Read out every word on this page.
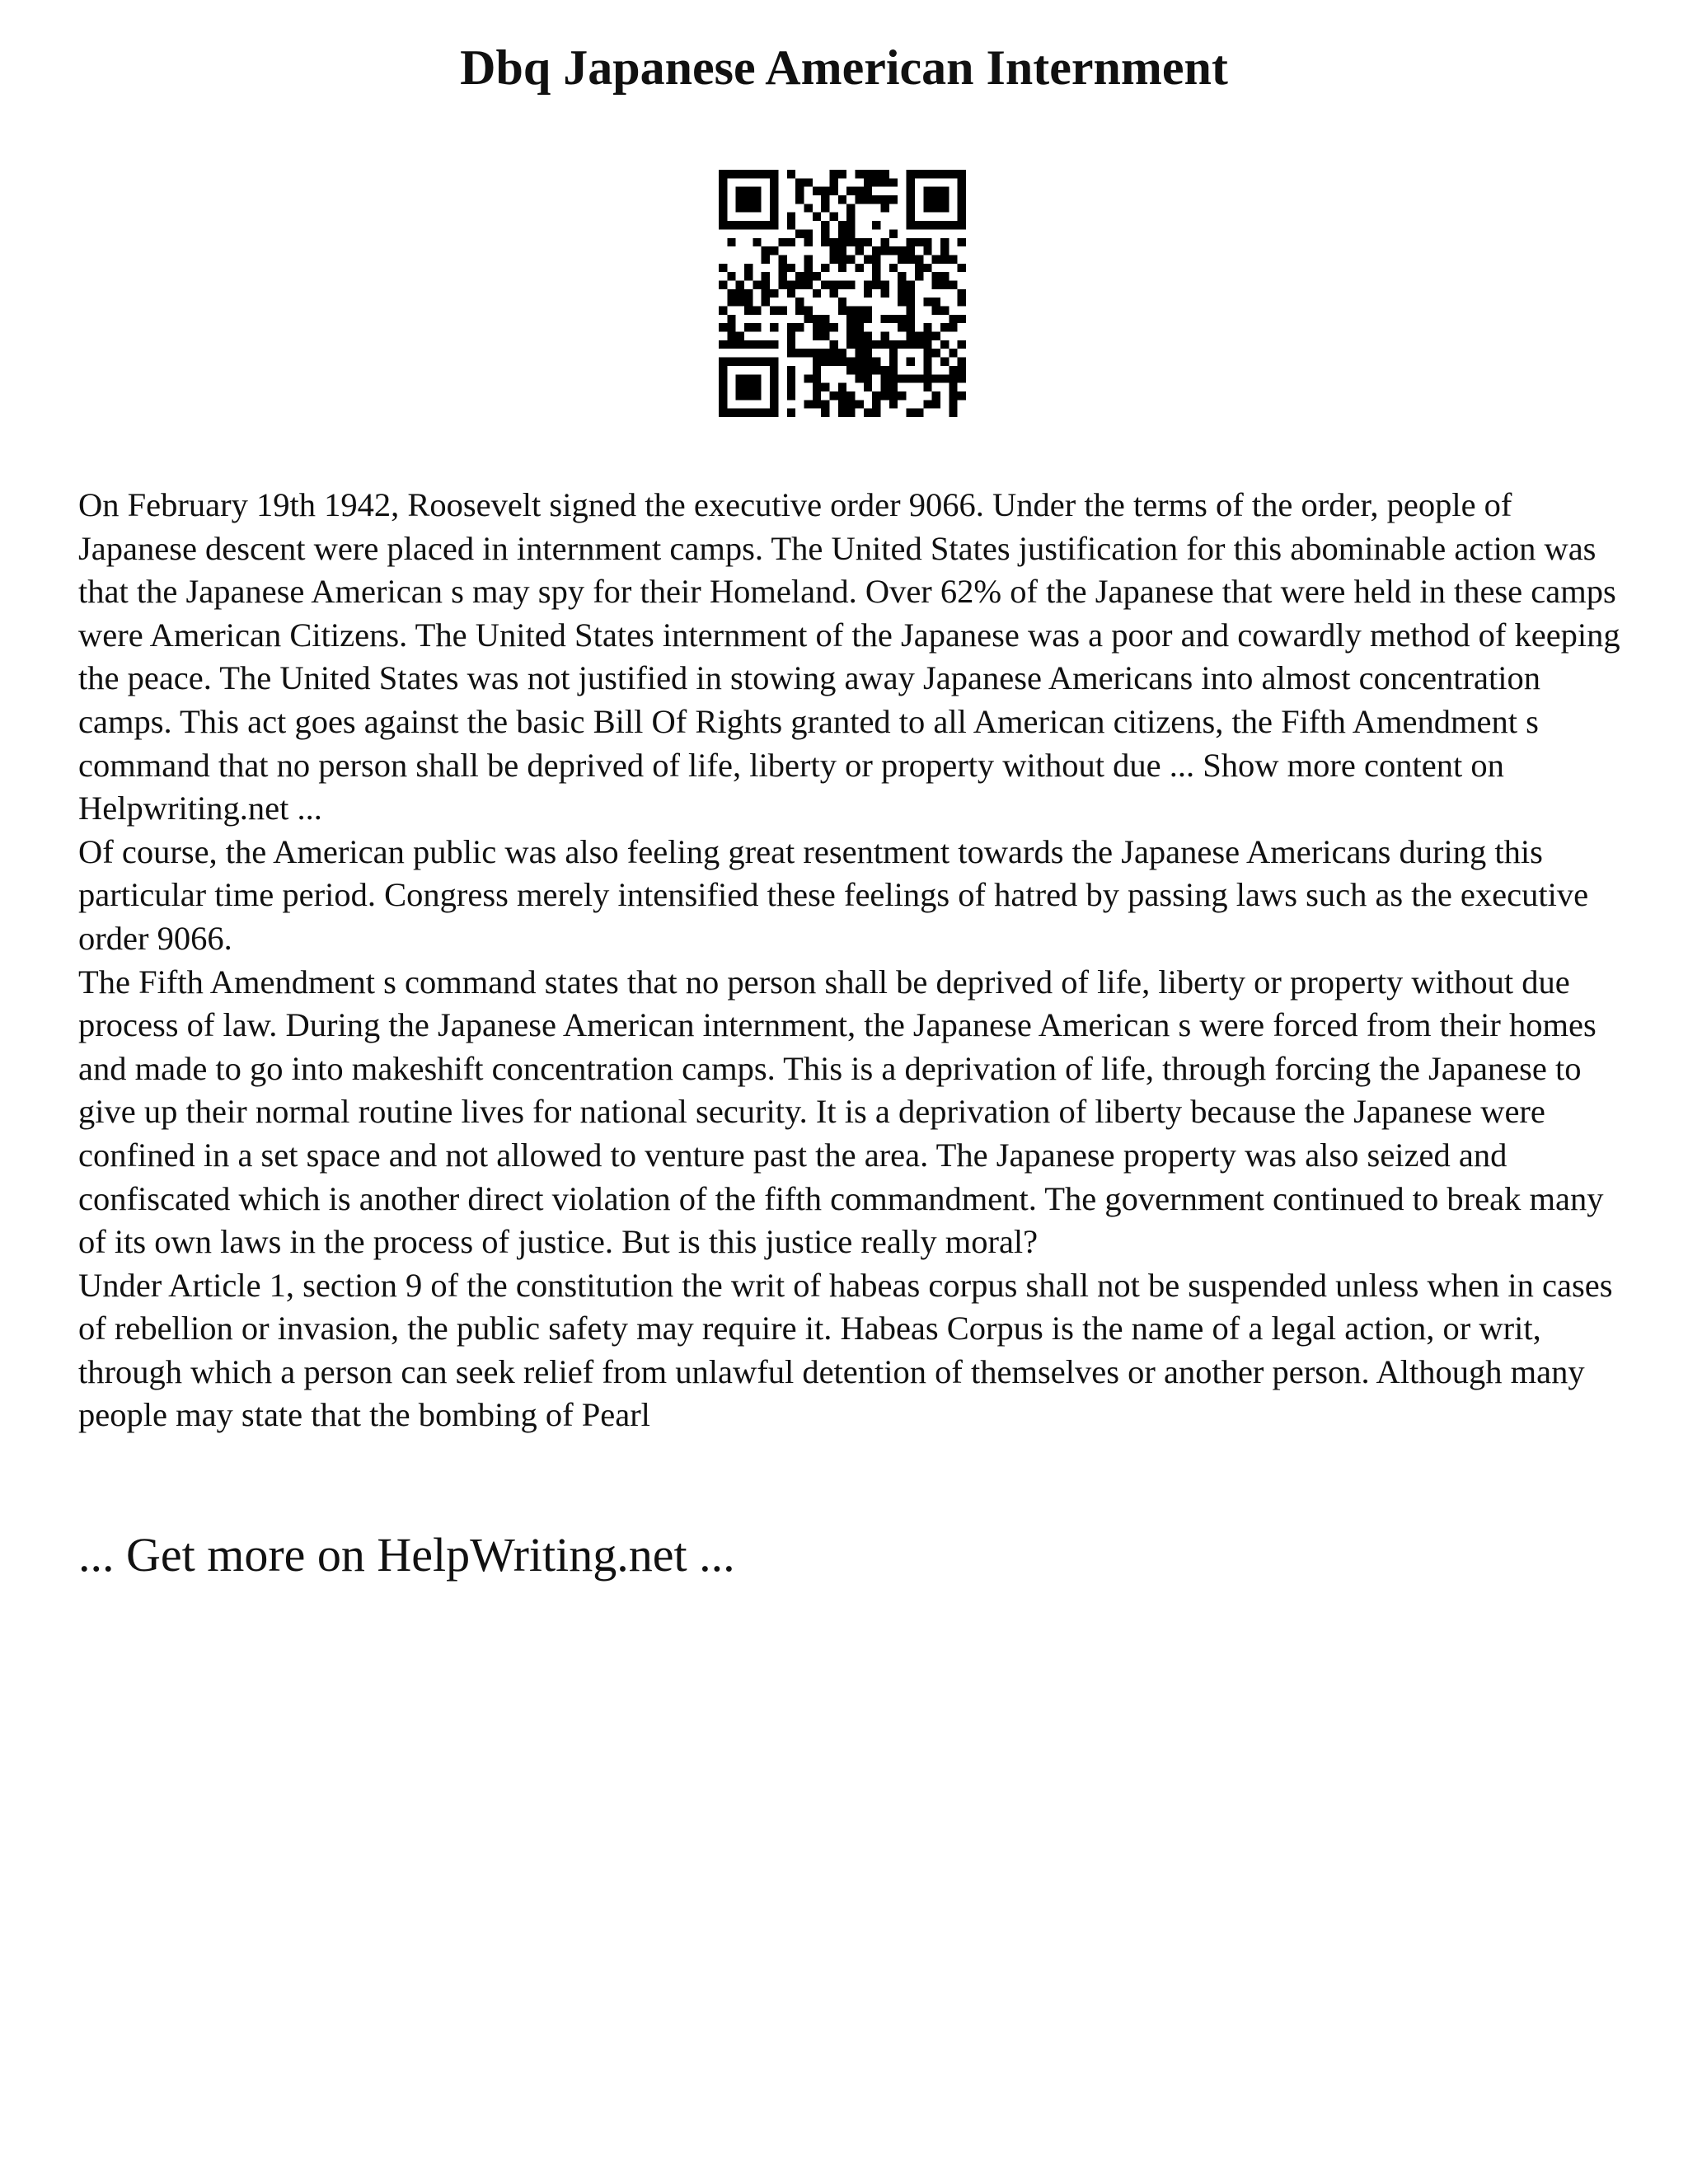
Dbq Japanese American Internment

On February 19th 1942, Roosevelt signed the executive order 9066. Under the terms of the order, people of Japanese descent were placed in internment camps. The United States justification for this abominable action was that the Japanese American s may spy for their Homeland. Over 62% of the Japanese that were held in these camps were American Citizens. The United States internment of the Japanese was a poor and cowardly method of keeping the peace. The United States was not justified in stowing away Japanese Americans into almost concentration camps. This act goes against the basic Bill Of Rights granted to all American citizens, the Fifth Amendment s command that no person shall be deprived of life, liberty or property without due ... Show more content on Helpwriting.net ...

Of course, the American public was also feeling great resentment towards the Japanese Americans during this particular time period. Congress merely intensified these feelings of hatred by passing laws such as the executive order 9066.

The Fifth Amendment s command states that no person shall be deprived of life, liberty or property without due process of law. During the Japanese American internment, the Japanese American s were forced from their homes and made to go into makeshift concentration camps. This is a deprivation of life, through forcing the Japanese to give up their normal routine lives for national security. It is a deprivation of liberty because the Japanese were confined in a set space and not allowed to venture past the area. The Japanese property was also seized and confiscated which is another direct violation of the fifth commandment. The government continued to break many of its own laws in the process of justice. But is this justice really moral?

Under Article 1, section 9 of the constitution the writ of habeas corpus shall not be suspended unless when in cases of rebellion or invasion, the public safety may require it. Habeas Corpus is the name of a legal action, or writ, through which a person can seek relief from unlawful detention of themselves or another person. Although many people may state that the bombing of Pearl

... Get more on HelpWriting.net ...
